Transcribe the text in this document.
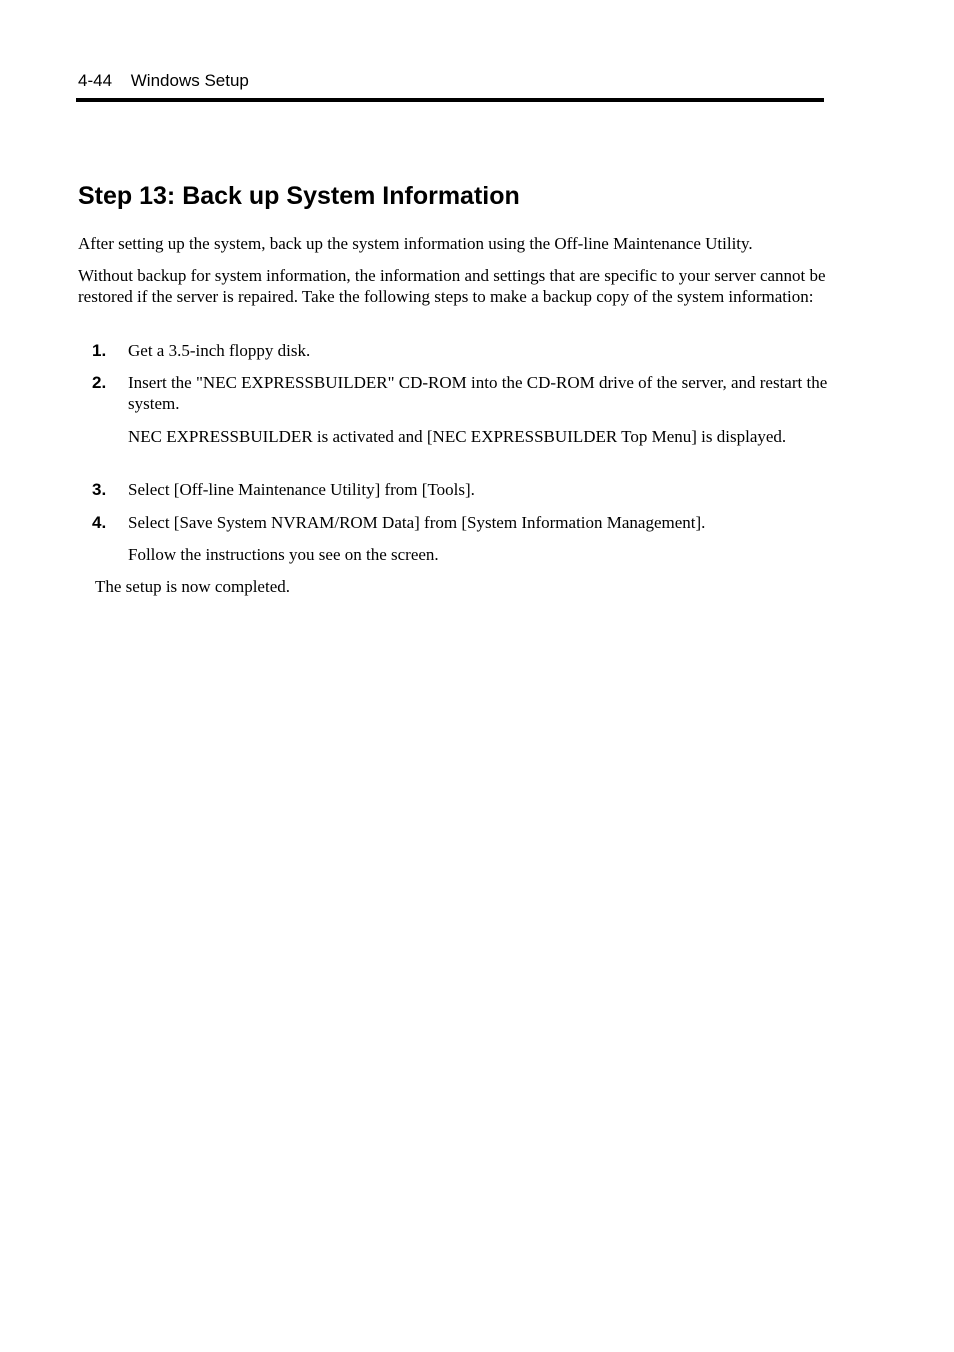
4-44 Windows Setup
Step 13: Back up System Information

After setting up the system, back up the system information using the Off-line Maintenance Utility.

Without backup for system information, the information and settings that are specific to your server cannot be restored if the server is repaired. Take the following steps to make a backup copy of the system information:

1. Get a 3.5-inch floppy disk.

2. Insert the "NEC EXPRESSBUILDER" CD-ROM into the CD-ROM drive of the server, and restart the system.

NEC EXPRESSBUILDER is activated and [NEC EXPRESSBUILDER Top Menu] is displayed.

3. Select [Off-line Maintenance Utility] from [Tools].

4. Select [Save System NVRAM/ROM Data] from [System Information Management].

Follow the instructions you see on the screen.

The setup is now completed.
